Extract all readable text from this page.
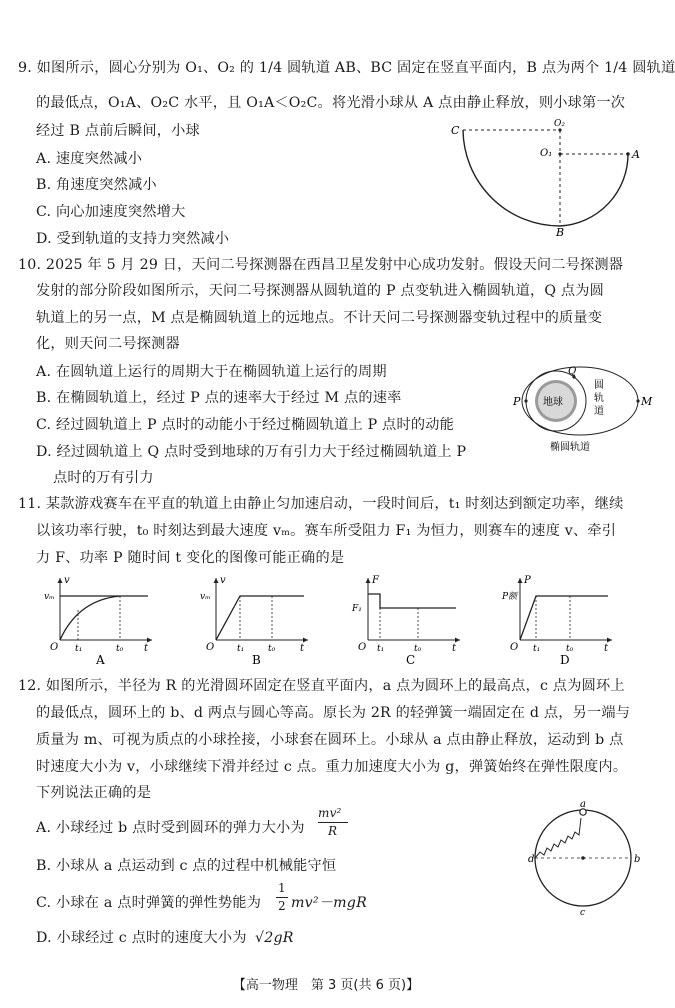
9. 如图所示，圆心分别为 O₁、O₂ 的 1/4 圆轨道 AB、BC 固定在竖直平面内，B 点为两个 1/4 圆轨道
的最低点，O₁A、O₂C 水平，且 O₁A＜O₂C。将光滑小球从 A 点由静止释放，则小球第一次
经过 B 点前后瞬间，小球
A. 速度突然减小
B. 角速度突然减小
C. 向心加速度突然增大
D. 受到轨道的支持力突然减小
C	O₂
O₁	A
B
10. 2025 年 5 月 29 日，天问二号探测器在西昌卫星发射中心成功发射。假设天问二号探测器
发射的部分阶段如图所示，天问二号探测器从圆轨道的 P 点变轨进入椭圆轨道，Q 点为圆
轨道上的另一点，M 点是椭圆轨道上的远地点。不计天问二号探测器变轨过程中的质量变
化，则天问二号探测器
A. 在圆轨道上运行的周期大于在椭圆轨道上运行的周期
B. 在椭圆轨道上，经过 P 点的速率大于经过 M 点的速率
C. 经过圆轨道上 P 点时的动能小于经过椭圆轨道上 P 点时的动能
D. 经过圆轨道上 Q 点时受到地球的万有引力大于经过椭圆轨道上 P
点时的万有引力
地球
P
Q
M
圆轨道
椭圆轨道
11. 某款游戏赛车在平直的轨道上由静止匀加速启动，一段时间后，t₁ 时刻达到额定功率，继续
以该功率行驶，t₀ 时刻达到最大速度 vₘ。赛车所受阻力 F₁ 为恒力，则赛车的速度 v、牵引
力 F、功率 P 随时间 t 变化的图像可能正确的是
v
vₘ
O t₁	t₀ t
A
v
vₘ
O	t₁	t₀ t
B
F
F₁
O t₁	t₀	t
C
P
P额
O t₁	t₀	t
D
12. 如图所示，半径为 R 的光滑圆环固定在竖直平面内，a 点为圆环上的最高点，c 点为圆环上
的最低点，圆环上的 b、d 两点与圆心等高。原长为 2R 的轻弹簧一端固定在 d 点，另一端与
质量为 m、可视为质点的小球拴接，小球套在圆环上。小球从 a 点由静止释放，运动到 b 点
时速度大小为 v，小球继续下滑并经过 c 点。重力加速度大小为 g，弹簧始终在弹性限度内。
下列说法正确的是
A. 小球经过 b 点时受到圆环的弹力大小为
mv²
R
B. 小球从 a 点运动到 c 点的过程中机械能守恒
C. 小球在 a 点时弹簧的弹性势能为
1
2 mv²－mgR
D. 小球经过 c 点时的速度大小为 √2gR
a
b
c
d
【高一物理　第 3 页(共 6 页)】
